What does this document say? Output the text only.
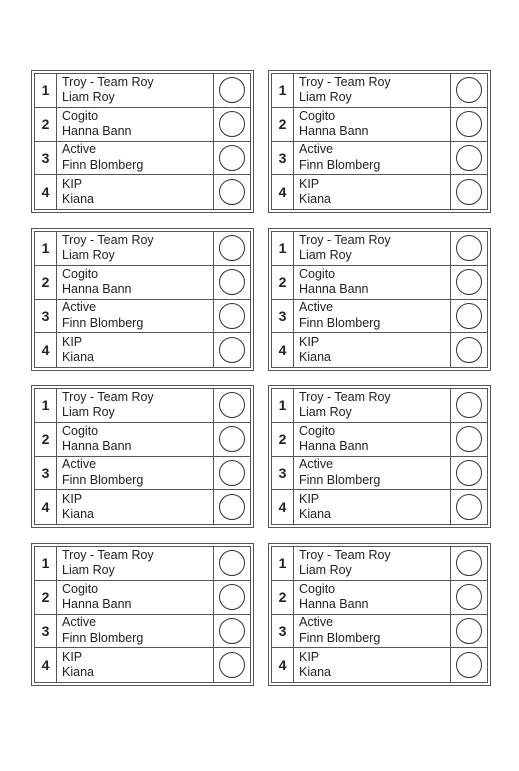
1
Troy - Team Roy
Liam Roy
2
Cogito
Hanna Bann
3
Active
Finn Blomberg
4
KIP
Kiana
1
Troy - Team Roy
Liam Roy
2
Cogito
Hanna Bann
3
Active
Finn Blomberg
4
KIP
Kiana
1
Troy - Team Roy
Liam Roy
2
Cogito
Hanna Bann
3
Active
Finn Blomberg
4
KIP
Kiana
1
Troy - Team Roy
Liam Roy
2
Cogito
Hanna Bann
3
Active
Finn Blomberg
4
KIP
Kiana
1
Troy - Team Roy
Liam Roy
2
Cogito
Hanna Bann
3
Active
Finn Blomberg
4
KIP
Kiana
1
Troy - Team Roy
Liam Roy
2
Cogito
Hanna Bann
3
Active
Finn Blomberg
4
KIP
Kiana
1
Troy - Team Roy
Liam Roy
2
Cogito
Hanna Bann
3
Active
Finn Blomberg
4
KIP
Kiana
1
Troy - Team Roy
Liam Roy
2
Cogito
Hanna Bann
3
Active
Finn Blomberg
4
KIP
Kiana
